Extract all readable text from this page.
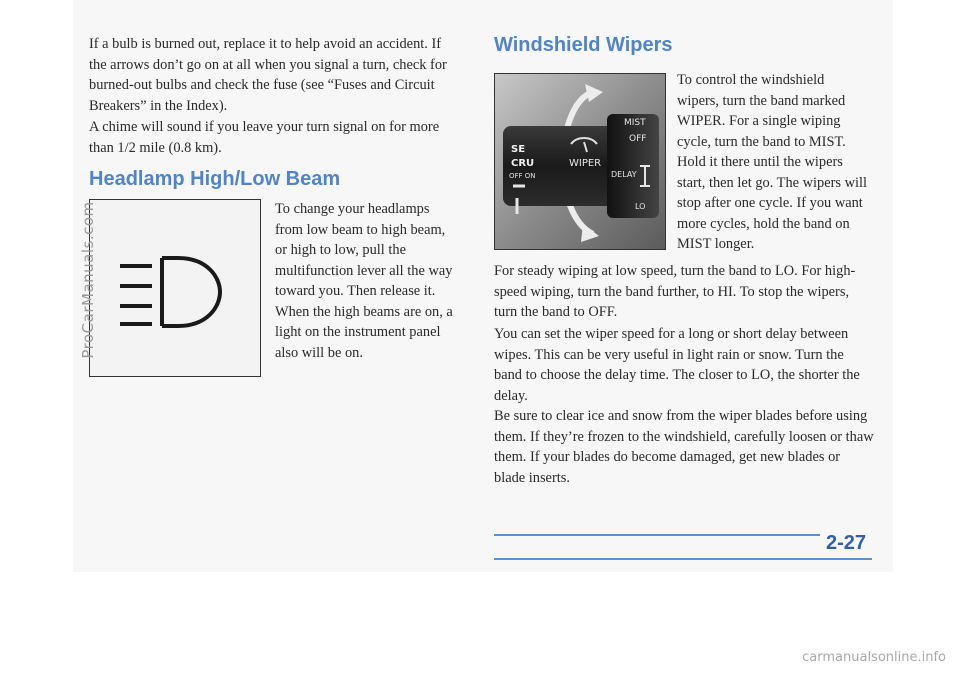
If a bulb is burned out, replace it to help avoid an accident. If the arrows don’t go on at all when you signal a turn, check for burned-out bulbs and check the fuse (see “Fuses and Circuit Breakers” in the Index).

A chime will sound if you leave your turn signal on for more than 1/2 mile (0.8 km).

Headlamp High/Low Beam

To change your headlamps from low beam to high beam, or high to low, pull the multifunction lever all the way toward you. Then release it. When the high beams are on, a light on the instrument panel also will be on.

Windshield Wipers
MIST
OFF
DELAY
LO
WIPER
SE
CRU
OFF ON

To control the windshield wipers, turn the band marked WIPER. For a single wiping cycle, turn the band to MIST. Hold it there until the wipers start, then let go. The wipers will stop after one cycle. If you want more cycles, hold the band on MIST longer.

For steady wiping at low speed, turn the band to LO. For high-speed wiping, turn the band further, to HI. To stop the wipers, turn the band to OFF.

You can set the wiper speed for a long or short delay between wipes. This can be very useful in light rain or snow. Turn the band to choose the delay time. The closer to LO, the shorter the delay.

Be sure to clear ice and snow from the wiper blades before using them. If they’re frozen to the windshield, carefully loosen or thaw them. If your blades do become damaged, get new blades or blade inserts.

2-27
ProCarManuals.com
carmanualsonline.info
